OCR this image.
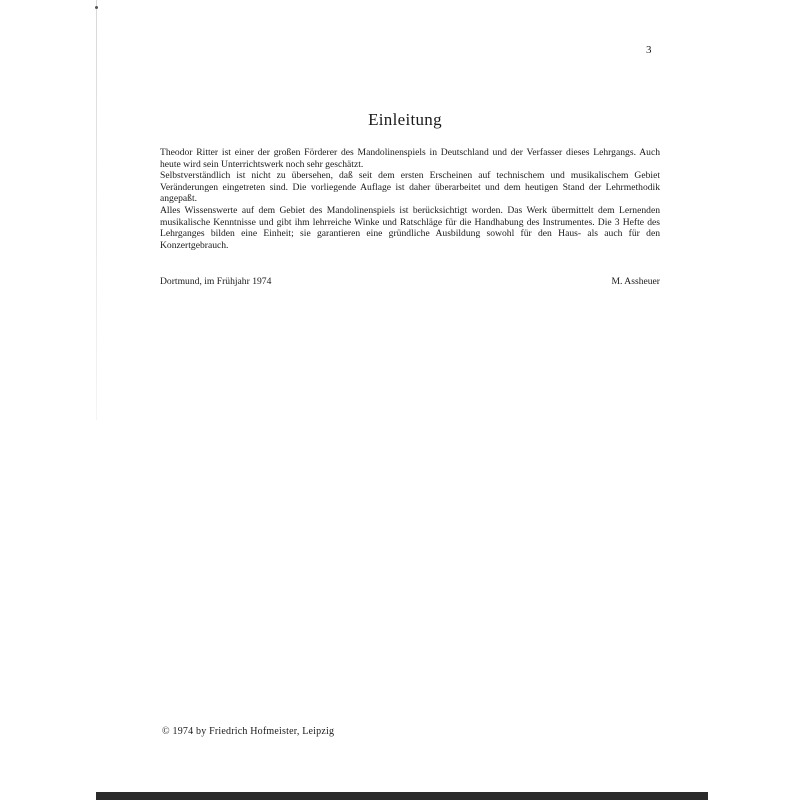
3
Einleitung

Theodor Ritter ist einer der großen Förderer des Mandolinenspiels in Deutschland und der Verfasser dieses Lehrgangs. Auch heute wird sein Unterrichtswerk noch sehr geschätzt.

Selbstverständlich ist nicht zu übersehen, daß seit dem ersten Erscheinen auf technischem und musikalischem Gebiet Veränderungen eingetreten sind. Die vorliegende Auflage ist daher überarbeitet und dem heutigen Stand der Lehrmethodik angepaßt.

Alles Wissenswerte auf dem Gebiet des Mandolinenspiels ist berücksichtigt worden. Das Werk übermittelt dem Lernenden musikalische Kenntnisse und gibt ihm lehrreiche Winke und Ratschläge für die Handhabung des Instrumentes. Die 3 Hefte des Lehrganges bilden eine Einheit; sie garantieren eine gründliche Ausbildung sowohl für den Haus- als auch für den Konzertgebrauch.

Dortmund, im Frühjahr 1974	M. Assheuer
© 1974 by Friedrich Hofmeister, Leipzig
